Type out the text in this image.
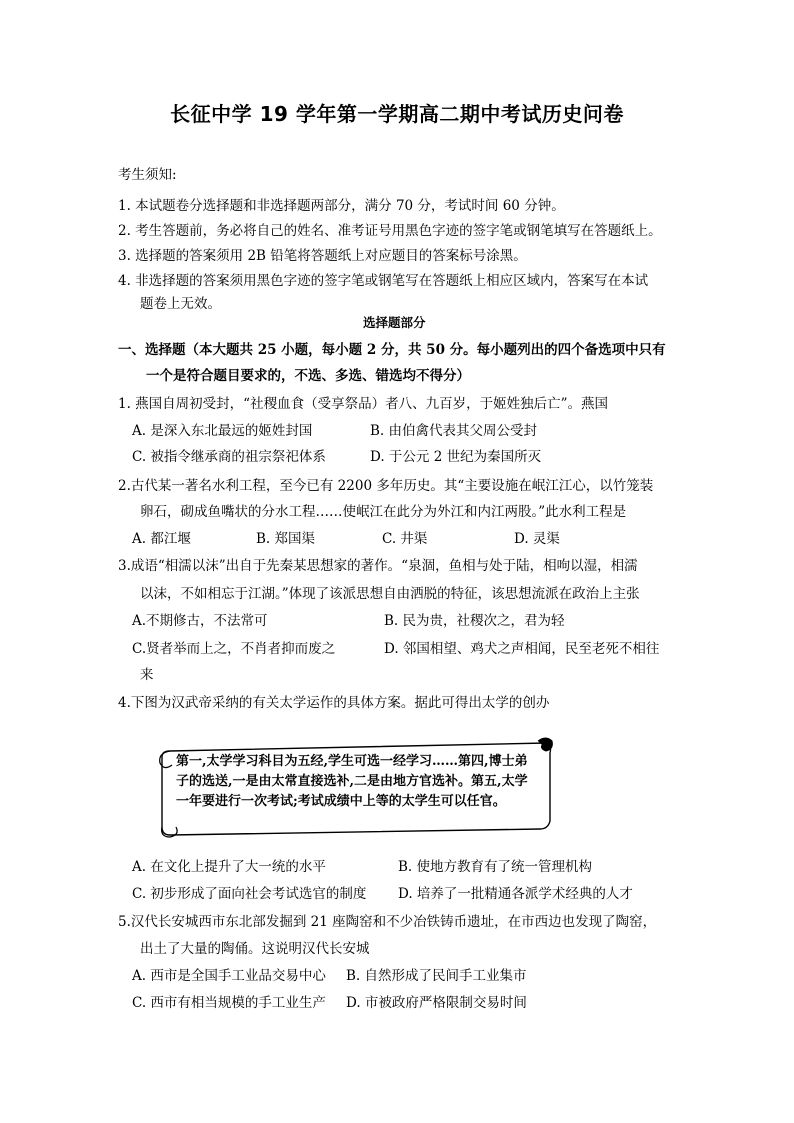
长征中学 19 学年第一学期高二期中考试历史问卷
考生须知:
1. 本试题卷分选择题和非选择题两部分，满分 70 分，考试时间 60 分钟。
2. 考生答题前，务必将自己的姓名、准考证号用黑色字迹的签字笔或钢笔填写在答题纸上。
3. 选择题的答案须用 2B 铅笔将答题纸上对应题目的答案标号涂黑。
4. 非选择题的答案须用黑色字迹的签字笔或钢笔写在答题纸上相应区域内，答案写在本试
题卷上无效。
选择题部分
一、选择题（本大题共 25 小题，每小题 2 分，共 50 分。每小题列出的四个备选项中只有
一个是符合题目要求的，不选、多选、错选均不得分）
1. 燕国自周初受封，“社稷血食（受享祭品）者八、九百岁，于姬姓独后亡”。燕国
A. 是深入东北最远的姬姓封国	B. 由伯禽代表其父周公受封
C. 被指令继承商的祖宗祭祀体系	D. 于公元 2 世纪为秦国所灭
2.古代某一著名水利工程，至今已有 2200 多年历史。其“主要设施在岷江江心，以竹笼装
卵石，砌成鱼嘴状的分水工程……使岷江在此分为外江和内江两股。”此水利工程是
A. 都江堰	B. 郑国渠	C. 井渠	D. 灵渠
3.成语“相濡以沫”出自于先秦某思想家的著作。“泉涸，鱼相与处于陆，相呴以湿，相濡
以沫，不如相忘于江湖。”体现了该派思想自由洒脱的特征，该思想流派在政治上主张
A.不期修古，不法常可	B. 民为贵，社稷次之，君为轻
C.贤者举而上之，不肖者抑而废之	D. 邻国相望、鸡犬之声相闻，民至老死不相往
来
4.下图为汉武帝采纳的有关太学运作的具体方案。据此可得出太学的创办
第一,太学学习科目为五经,学生可选一经学习……第四,博士弟子的选送,一是由太常直接选补,二是由地方官选补。第五,太学一年要进行一次考试;考试成绩中上等的太学生可以任官。
A. 在文化上提升了大一统的水平	B. 使地方教育有了统一管理机构
C. 初步形成了面向社会考试选官的制度 D. 培养了一批精通各派学术经典的人才
5.汉代长安城西市东北部发掘到 21 座陶窑和不少冶铁铸币遗址，在市西边也发现了陶窑，
出土了大量的陶俑。这说明汉代长安城
A. 西市是全国手工业品交易中心 B. 自然形成了民间手工业集市
C. 西市有相当规模的手工业生产 D. 市被政府严格限制交易时间
